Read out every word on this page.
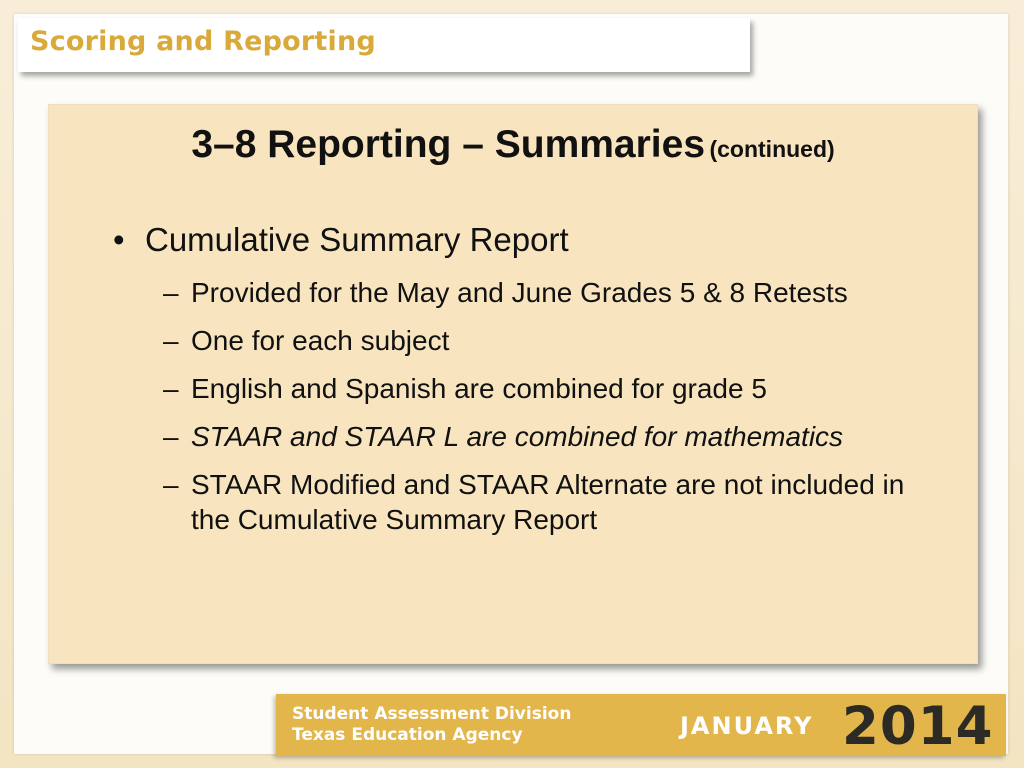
Scoring and Reporting
3–8 Reporting – Summaries (continued)
• Cumulative Summary Report
– Provided for the May and June Grades 5 & 8 Retests
– One for each subject
– English and Spanish are combined for grade 5
– STAAR and STAAR L are combined for mathematics
– STAAR Modified and STAAR Alternate are not included in the Cumulative Summary Report
Student Assessment Division
Texas Education Agency	JANUARY 2014
